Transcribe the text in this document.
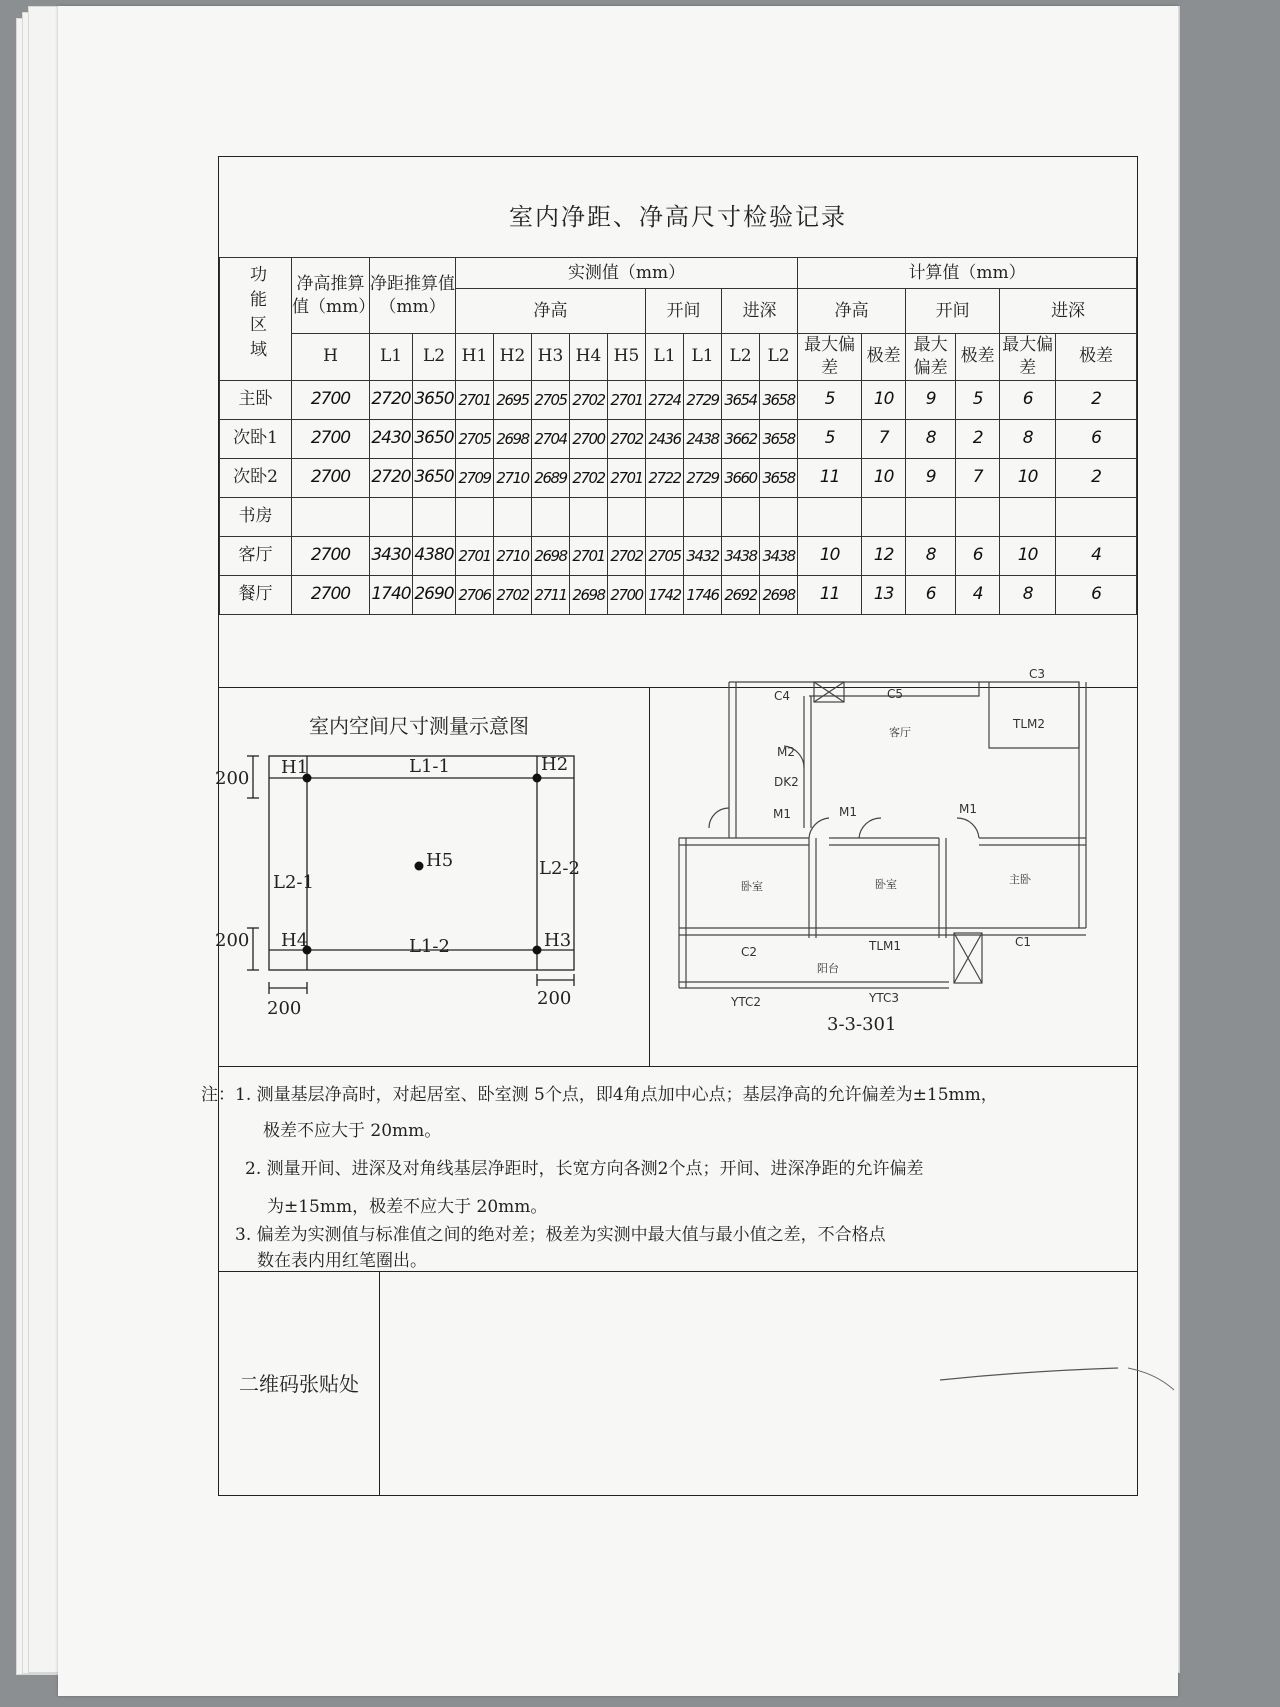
室内净距、净高尺寸检验记录
功能区域	净高推算值（mm）	净距推算值（mm）		实测值（mm）									计算值（mm）					
				净高					开间		进深		净高		开间		进深	
	H	L1	L2	H1	H2	H3	H4	H5	L1	L1	L2	L2	最大偏差	极差	最大偏差	极差	最大偏差	极差
主卧	2700	2720	3650	2701	2695	2705	2702	2701	2724	2729	3654	3658	5	10	9	5	6	2
次卧1	2700	2430	3650	2705	2698	2704	2700	2702	2436	2438	3662	3658	5	7	8	2	8	6
次卧2	2700	2720	3650	2709	2710	2689	2702	2701	2722	2729	3660	3658	11	10	9	7	10	2
书房																		
客厅	2700	3430	4380	2701	2710	2698	2701	2702	2705	3432	3438	3438	10	12	8	6	10	4
餐厅	2700	1740	2690	2706	2702	2711	2698	2700	1742	1746	2692	2698	11	13	6	4	8	6
室内空间尺寸测量示意图
H1	H2
H3
H4
H5
L1-1
L1-2
L2-1
L2-2
200
200
200	200
C4	C5
C3
TLM2
客厅
M2
DK2
M1	M1	M1
卧室	卧室	主卧
C2	TLM1
阳台
C1
YTC2	YTC3
3-3-301
注：1. 测量基层净高时，对起居室、卧室测 5个点，即4角点加中心点；基层净高的允许偏差为±15mm，
极差不应大于 20mm。
2. 测量开间、进深及对角线基层净距时，长宽方向各测2个点；开间、进深净距的允许偏差
为±15mm，极差不应大于 20mm。
3. 偏差为实测值与标准值之间的绝对差；极差为实测中最大值与最小值之差，不合格点
数在表内用红笔圈出。
二维码张贴处
